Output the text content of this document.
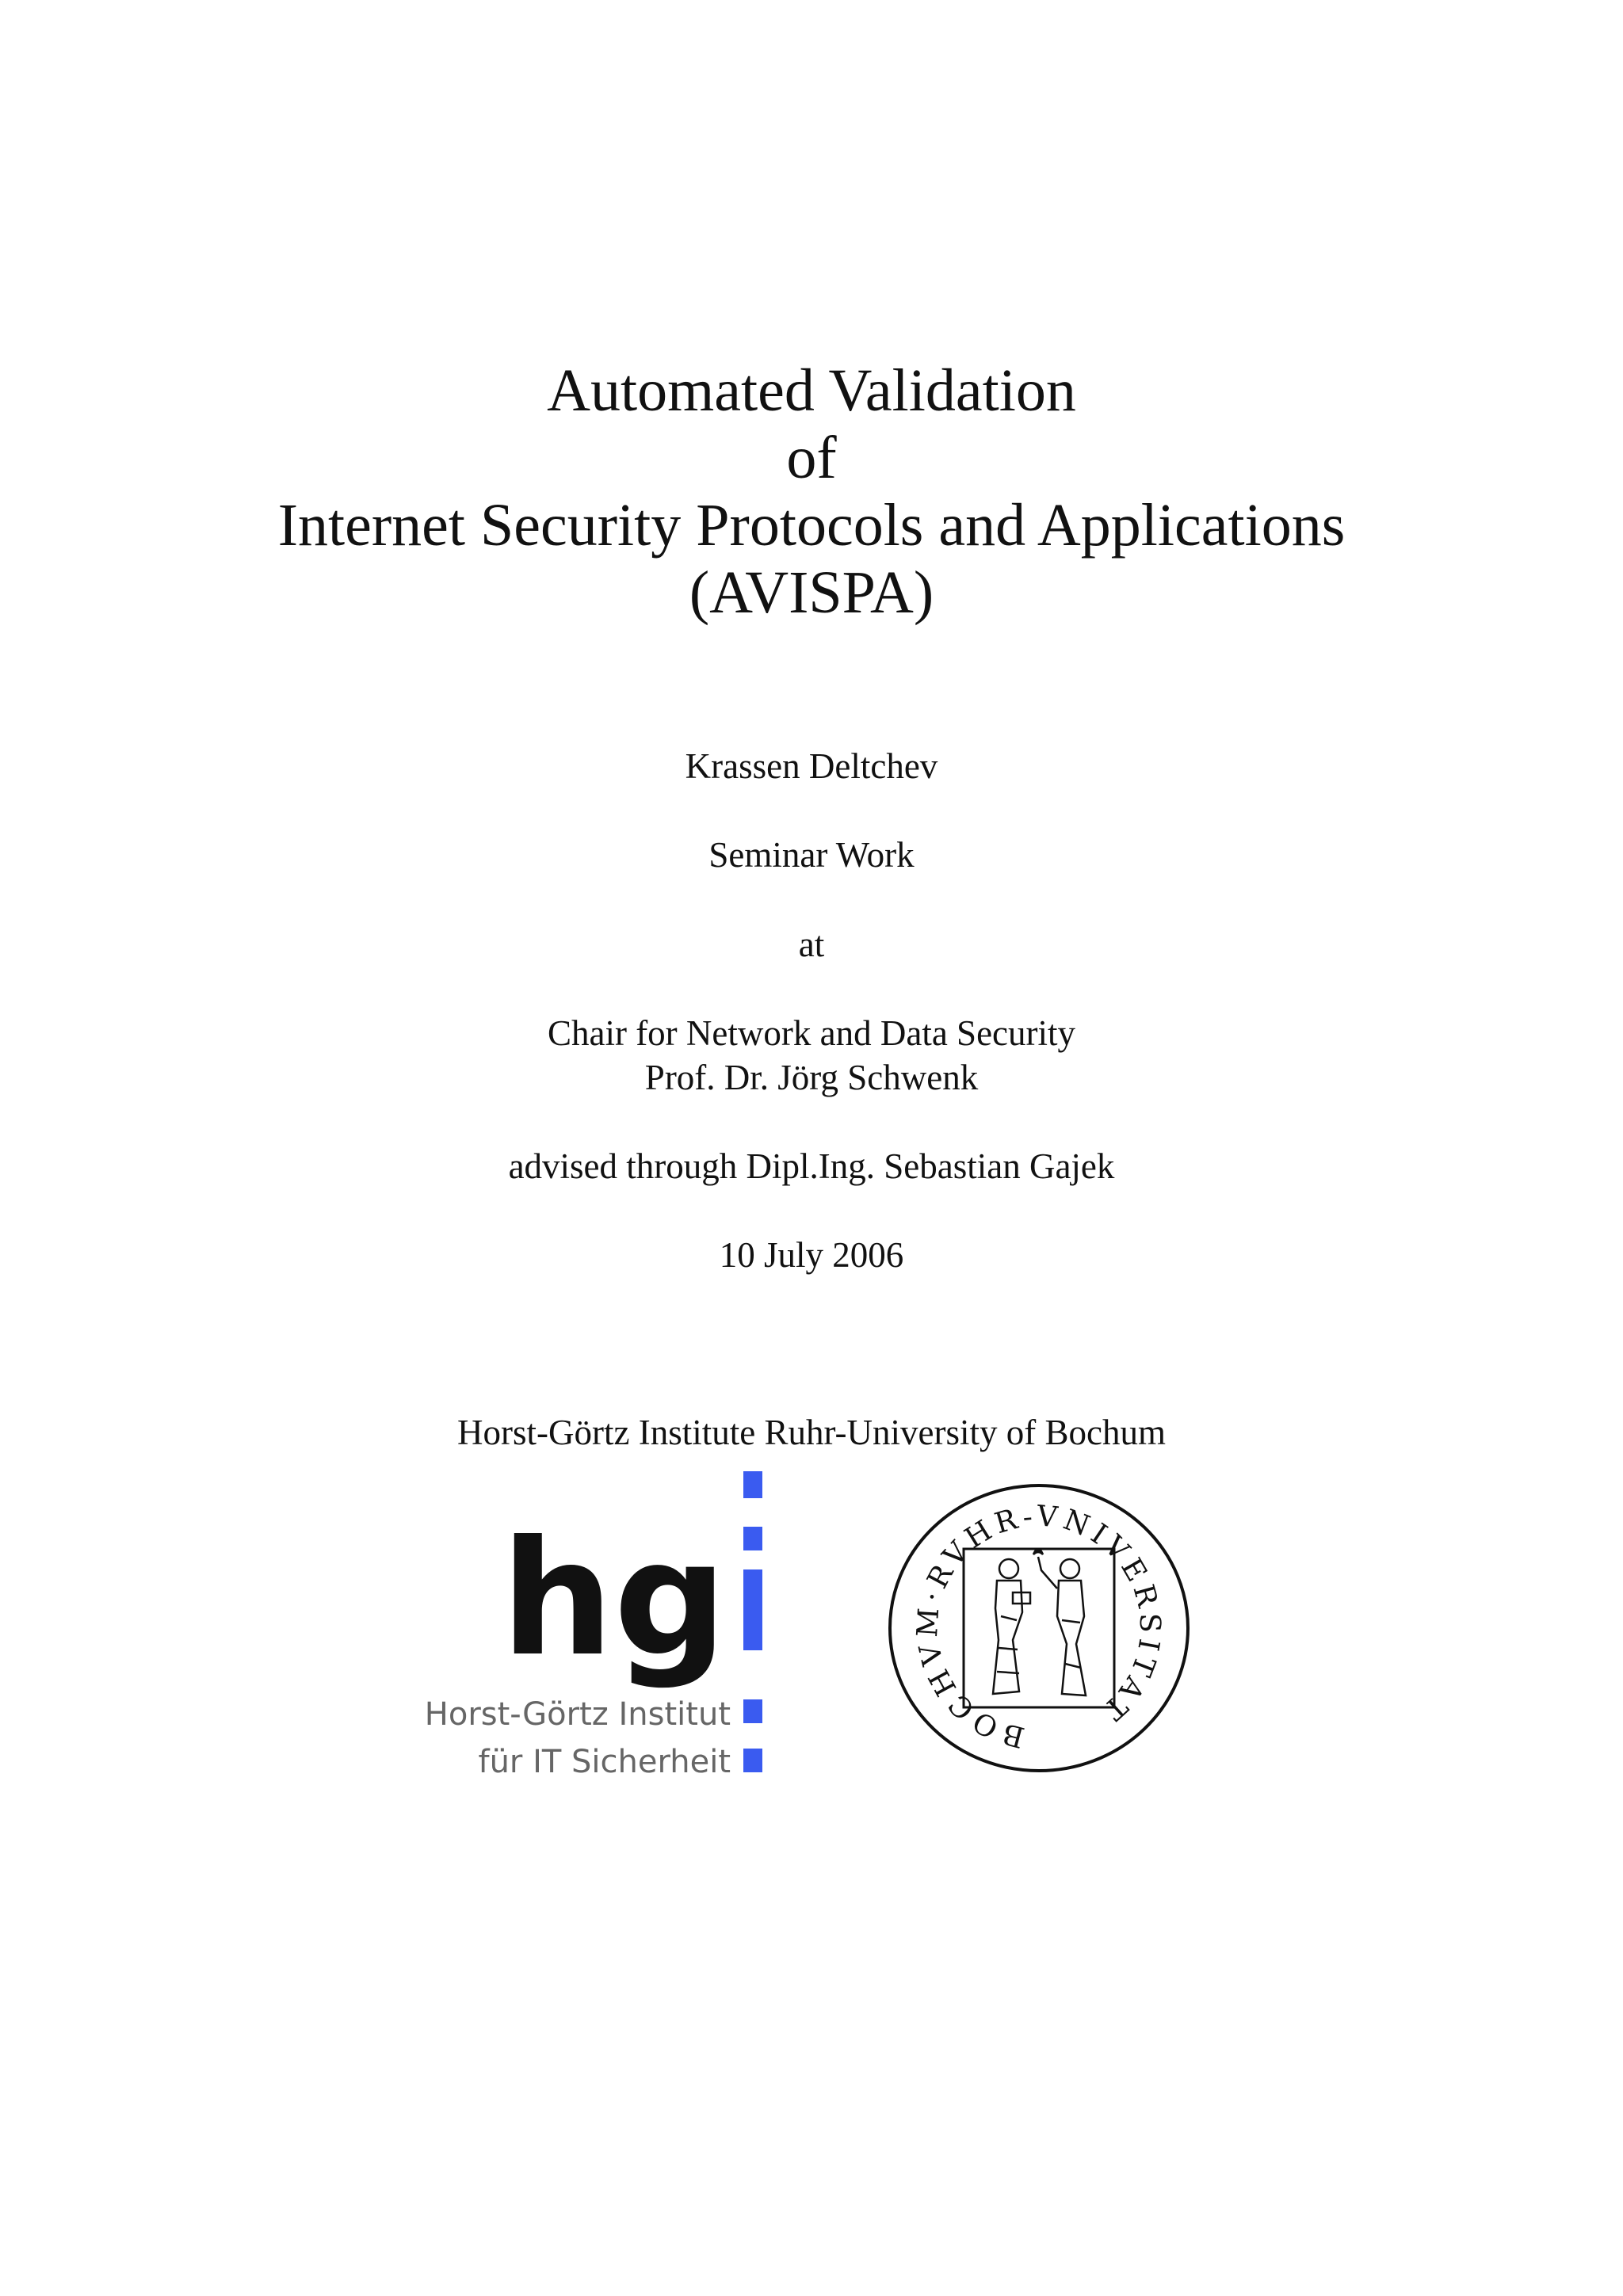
Automated Validation
of
Internet Security Protocols and Applications
(AVISPA)
Krassen Deltchev
Seminar Work
at
Chair for Network and Data Security
Prof. Dr. Jörg Schwenk
advised through Dipl.Ing. Sebastian Gajek
10 July 2006
Horst-Görtz Institute Ruhr-University of Bochum
hg
Horst-Görtz Institut
für IT Sicherheit
BOCHVM·RVHR-VNIVERSITAT
